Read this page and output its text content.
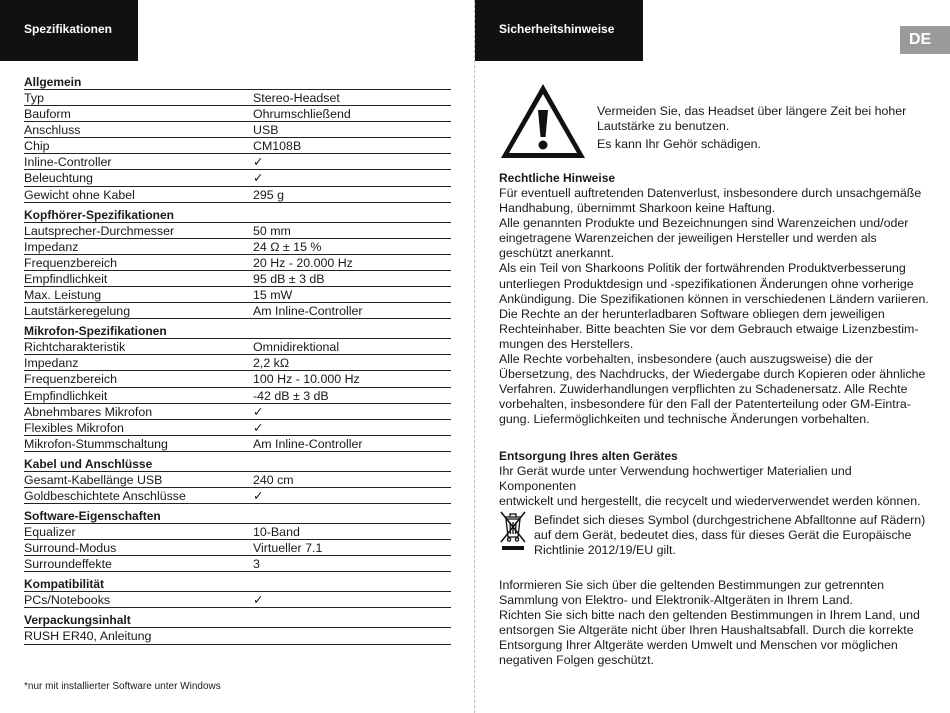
Spezifikationen	Sicherheitshinweise
DE
Allgemein
Typ	Stereo-Headset
Bauform	Ohrumschließend
Anschluss	USB
Chip	CM108B
Inline-Controller	✓
Beleuchtung	✓
Gewicht ohne Kabel	295 g
Kopfhörer-Spezifikationen
Lautsprecher-Durchmesser	50 mm
Impedanz	24 Ω ± 15 %
Frequenzbereich	20 Hz - 20.000 Hz
Empfindlichkeit	95 dB ± 3 dB
Max. Leistung	15 mW
Lautstärkeregelung	Am Inline-Controller
Mikrofon-Spezifikationen
Richtcharakteristik	Omnidirektional
Impedanz	2,2 kΩ
Frequenzbereich	100 Hz - 10.000 Hz
Empfindlichkeit	-42 dB ± 3 dB
Abnehmbares Mikrofon	✓
Flexibles Mikrofon	✓
Mikrofon-Stummschaltung	Am Inline-Controller
Kabel und Anschlüsse
Gesamt-Kabellänge USB	240 cm
Goldbeschichtete Anschlüsse	✓
Software-Eigenschaften
Equalizer	10-Band
Surround-Modus	Virtueller 7.1
Surroundeffekte	3
Kompatibilität
PCs/Notebooks	✓
Verpackungsinhalt
RUSH ER40, Anleitung
*nur mit installierter Software unter Windows

Vermeiden Sie, das Headset über längere Zeit bei hoher Lautstärke zu benutzen.

Es kann Ihr Gehör schädigen.

Rechtliche Hinweise
Für eventuell auftretenden Datenverlust, insbesondere durch unsachgemäße
Handhabung, übernimmt Sharkoon keine Haftung.
Alle genannten Produkte und Bezeichnungen sind Warenzeichen und/oder
eingetragene Warenzeichen der jeweiligen Hersteller und werden als
geschützt anerkannt.
Als ein Teil von Sharkoons Politik der fortwährenden Produktverbesserung
unterliegen Produktdesign und -spezifikationen Änderungen ohne vorherige
Ankündigung. Die Spezifikationen können in verschiedenen Ländern variieren.
Die Rechte an der herunterladbaren Software obliegen dem jeweiligen
Rechteinhaber. Bitte beachten Sie vor dem Gebrauch etwaige Lizenzbestim-
mungen des Herstellers.
Alle Rechte vorbehalten, insbesondere (auch auszugsweise) die der
Übersetzung, des Nachdrucks, der Wiedergabe durch Kopieren oder ähnliche
Verfahren. Zuwiderhandlungen verpflichten zu Schadenersatz. Alle Rechte
vorbehalten, insbesondere für den Fall der Patenterteilung oder GM-Eintra-
gung. Liefermöglichkeiten und technische Änderungen vorbehalten.
Entsorgung Ihres alten Gerätes
Ihr Gerät wurde unter Verwendung hochwertiger Materialien und Komponenten
entwickelt und hergestellt, die recycelt und wiederverwendet werden können.
Befindet sich dieses Symbol (durchgestrichene Abfalltonne auf Rädern)
auf dem Gerät, bedeutet dies, dass für dieses Gerät die Europäische
Richtlinie 2012/19/EU gilt.
Informieren Sie sich über die geltenden Bestimmungen zur getrennten
Sammlung von Elektro- und Elektronik-Altgeräten in Ihrem Land.
Richten Sie sich bitte nach den geltenden Bestimmungen in Ihrem Land, und
entsorgen Sie Altgeräte nicht über Ihren Haushaltsabfall. Durch die korrekte
Entsorgung Ihrer Altgeräte werden Umwelt und Menschen vor möglichen
negativen Folgen geschützt.
